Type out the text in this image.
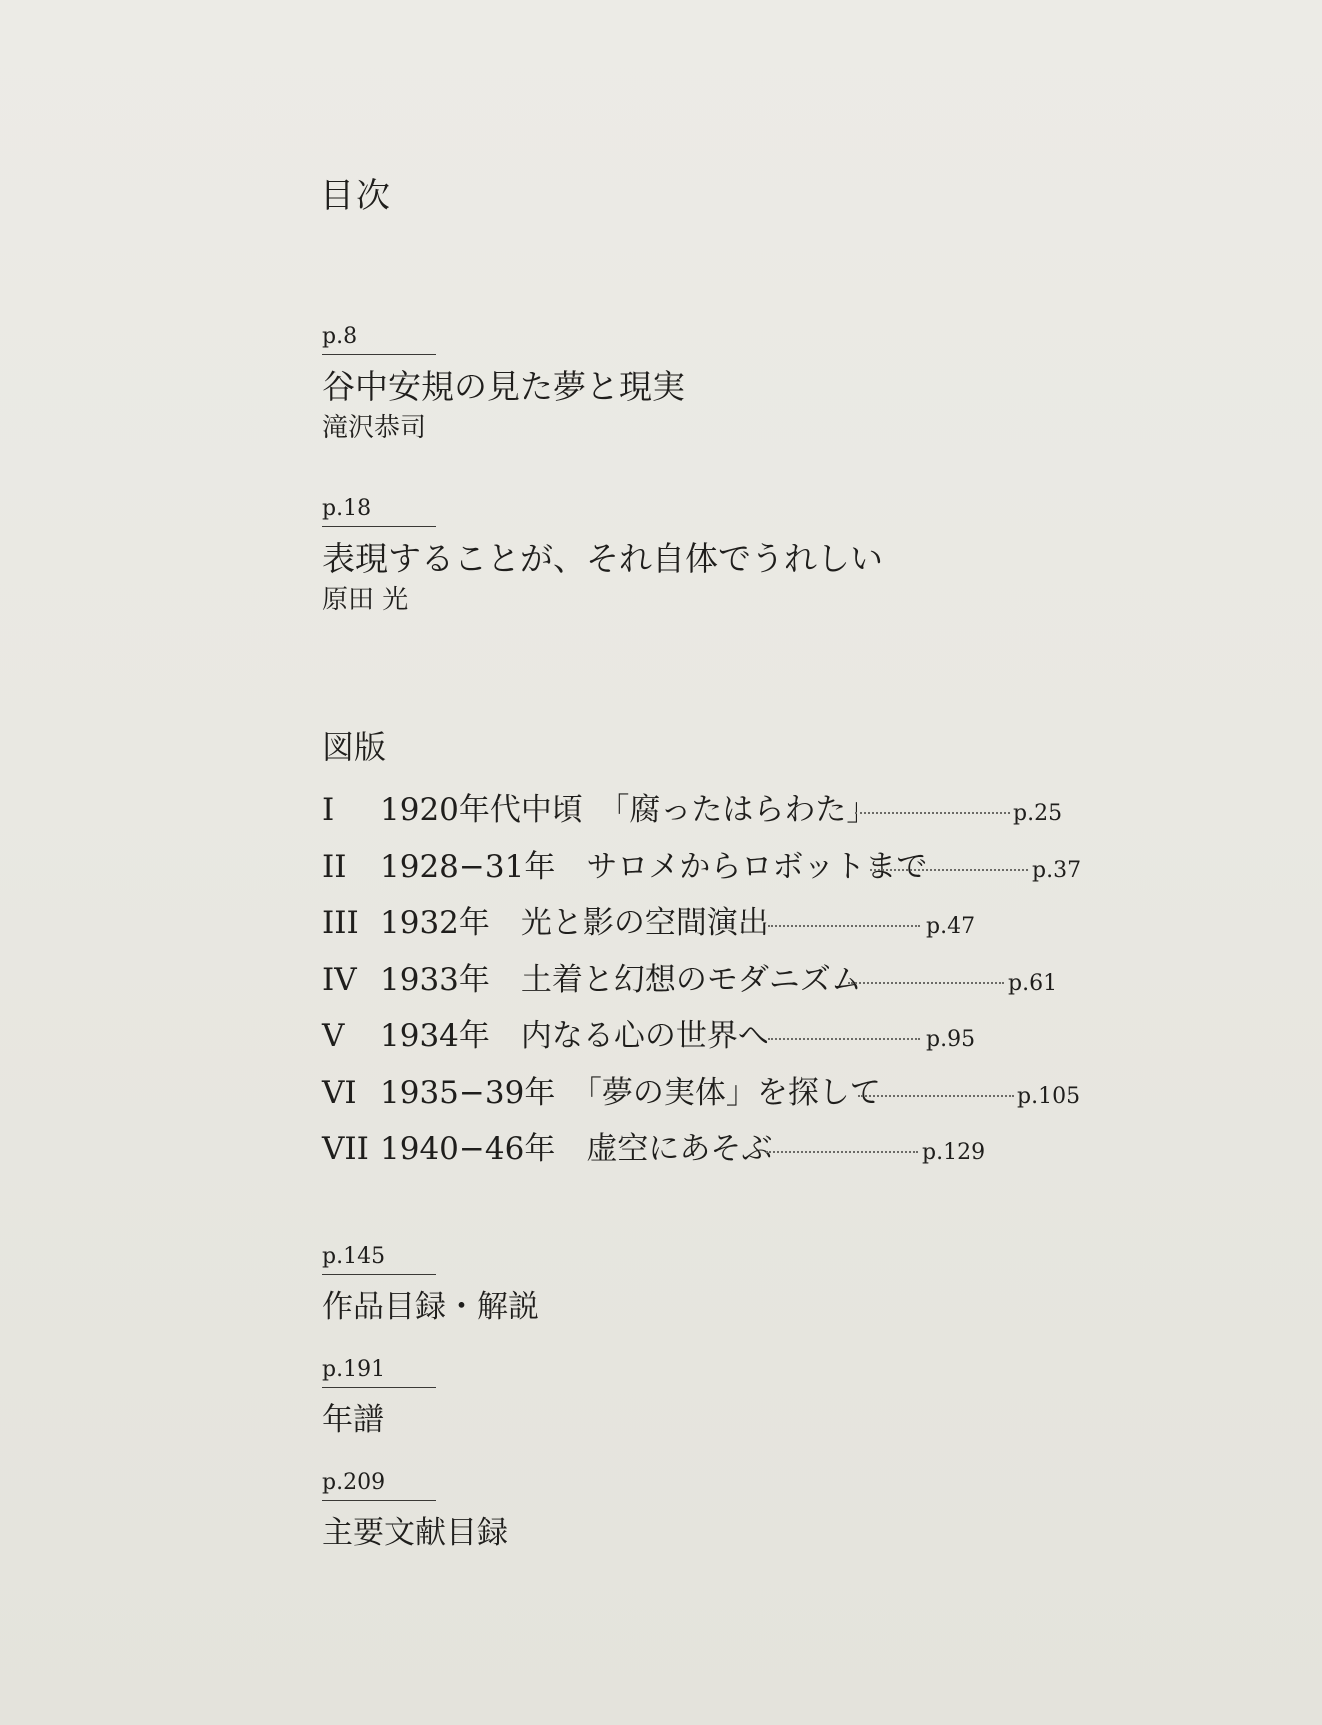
目次
p.8
谷中安規の見た夢と現実
滝沢恭司
p.18
表現することが、それ自体でうれしい
原田 光
図版
I 1920年代中頃　 「腐ったはらわた」	p.25
II 1928−31年　 サロメからロボットまで	p.37
III 1932年　 光と影の空間演出	p.47
IV 1933年　 土着と幻想のモダニズム	p.61
V 1934年　 内なる心の世界へ	p.95
VI 1935−39年　 「夢の実体」を探して	p.105
VII 1940−46年　 虚空にあそぶ	p.129
p.145
作品目録・解説
p.191
年譜
p.209
主要文献目録
